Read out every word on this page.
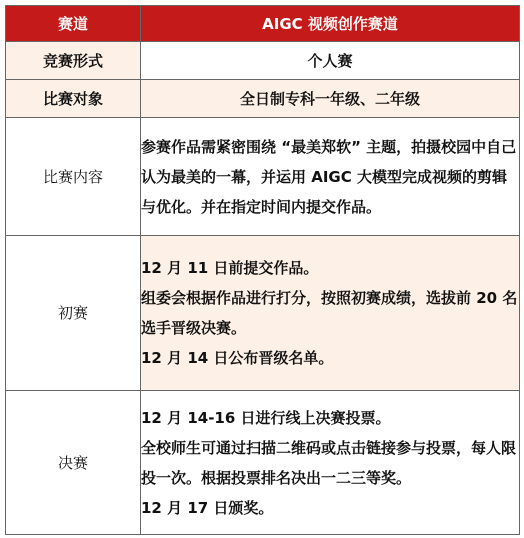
赛道	AIGC 视频创作赛道
竞赛形式	个人赛
比赛对象	全日制专科一年级、二年级
比赛内容	参赛作品需紧密围绕 “最美郑软” 主题，拍摄校园中自己认为最美的一幕，并运用 AIGC 大模型完成视频的剪辑与优化。并在指定时间内提交作品。

初赛	12 月 11 日前提交作品。
组委会根据作品进行打分，按照初赛成绩，选拔前 20 名选手晋级决赛。
12 月 14 日公布晋级名单。

决赛	12 月 14-16 日进行线上决赛投票。
全校师生可通过扫描二维码或点击链接参与投票，每人限投一次。根据投票排名决出一二三等奖。
12 月 17 日颁奖。
